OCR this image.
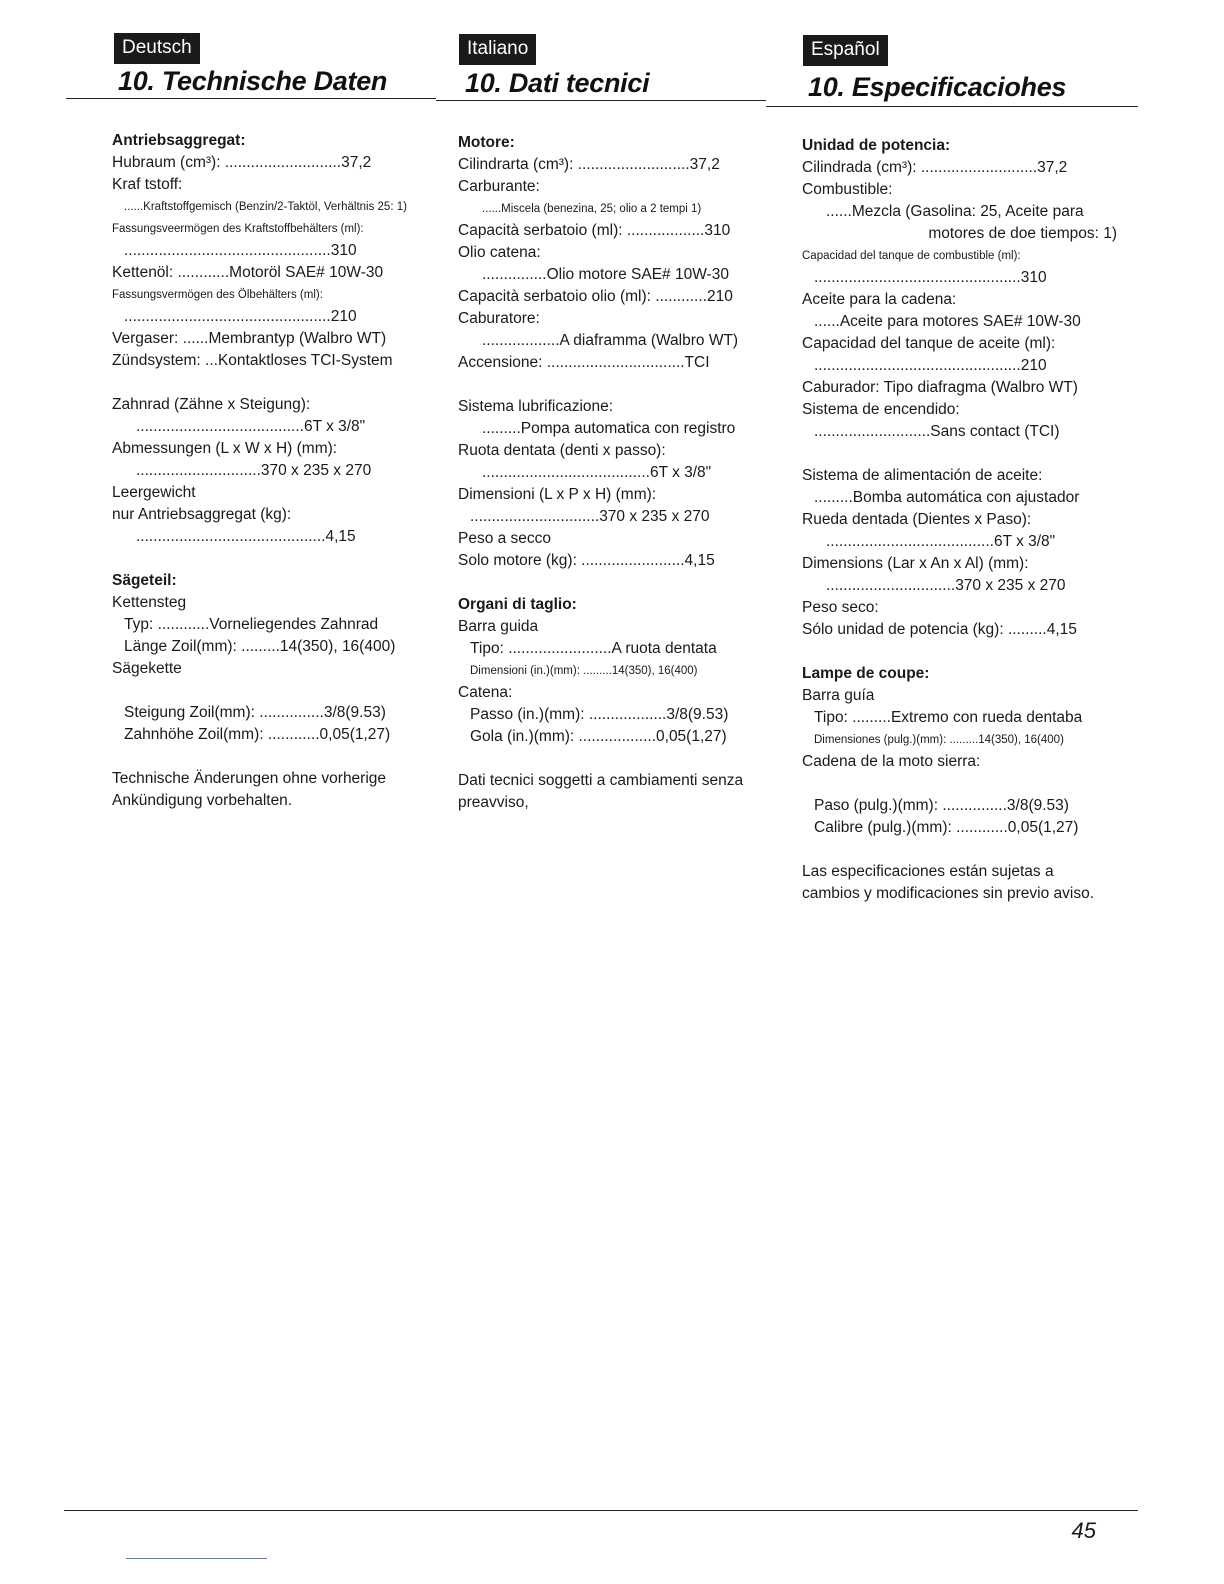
Deutsch
10. Technische Daten
Antriebsaggregat:
Hubraum (cm³): ...........................37,2
Kraf tstoff:
......Kraftstoffgemisch (Benzin/2-Taktöl, Verhältnis 25: 1)
Fassungsveermögen des Kraftstoffbehälters (ml):
................................................310
Kettenöl: ............Motoröl SAE# 10W-30
Fassungsvermögen des Ölbehälters (ml):
................................................210
Vergaser: ......Membrantyp (Walbro WT)
Zündsystem: ...Kontaktloses TCI-System
Zahnrad (Zähne x Steigung):
.......................................6T x 3/8"
Abmessungen (L x W x H) (mm):
.............................370 x 235 x 270
Leergewicht
nur Antriebsaggregat (kg):
............................................4,15
Sägeteil:
Kettensteg
Typ: ............Vorneliegendes Zahnrad
Länge Zoil(mm): .........14(350), 16(400)
Sägekette
Steigung Zoil(mm): ...............3/8(9.53)
Zahnhöhe Zoil(mm): ............0,05(1,27)
Technische Änderungen ohne vorherige Ankündigung vorbehalten.
Italiano
10. Dati tecnici
Motore:
Cilindrarta (cm³): ..........................37,2
Carburante:
......Miscela (benezina, 25; olio a 2 tempi 1)
Capacità serbatoio (ml): ..................310
Olio catena:
...............Olio motore SAE# 10W-30
Capacità serbatoio olio (ml): ............210
Caburatore:
..................A diaframma (Walbro WT)
Accensione: ................................TCI
Sistema lubrificazione:
.........Pompa automatica con registro
Ruota dentata (denti x passo):
.......................................6T x 3/8"
Dimensioni (L x P x H) (mm):
..............................370 x 235 x 270
Peso a secco
Solo motore (kg): ........................4,15
Organi di taglio:
Barra guida
Tipo: ........................A ruota dentata
Dimensioni (in.)(mm): .........14(350), 16(400)
Catena:
Passo (in.)(mm): ..................3/8(9.53)
Gola (in.)(mm): ..................0,05(1,27)
Dati tecnici soggetti a cambiamenti senza preavviso,
Español
10. Especificaciohes
Unidad de potencia:
Cilindrada (cm³): ...........................37,2
Combustible:
......Mezcla (Gasolina: 25, Aceite para
motores de doe tiempos: 1)
Capacidad del tanque de combustible (ml):
................................................310
Aceite para la cadena:
......Aceite para motores SAE# 10W-30
Capacidad del tanque de aceite (ml):
................................................210
Caburador: Tipo diafragma (Walbro WT)
Sistema de encendido:
...........................Sans contact (TCI)
Sistema de alimentación de aceite:
.........Bomba automática con ajustador
Rueda dentada (Dientes x Paso):
.......................................6T x 3/8"
Dimensions (Lar x An x Al) (mm):
..............................370 x 235 x 270
Peso seco:
Sólo unidad de potencia (kg): .........4,15
Lampe de coupe:
Barra guía
Tipo: .........Extremo con rueda dentaba
Dimensiones (pulg.)(mm): .........14(350), 16(400)
Cadena de la moto sierra:
Paso (pulg.)(mm): ...............3/8(9.53)
Calibre (pulg.)(mm): ............0,05(1,27)
Las especificaciones están sujetas a cambios y modificaciones sin previo aviso.
45
